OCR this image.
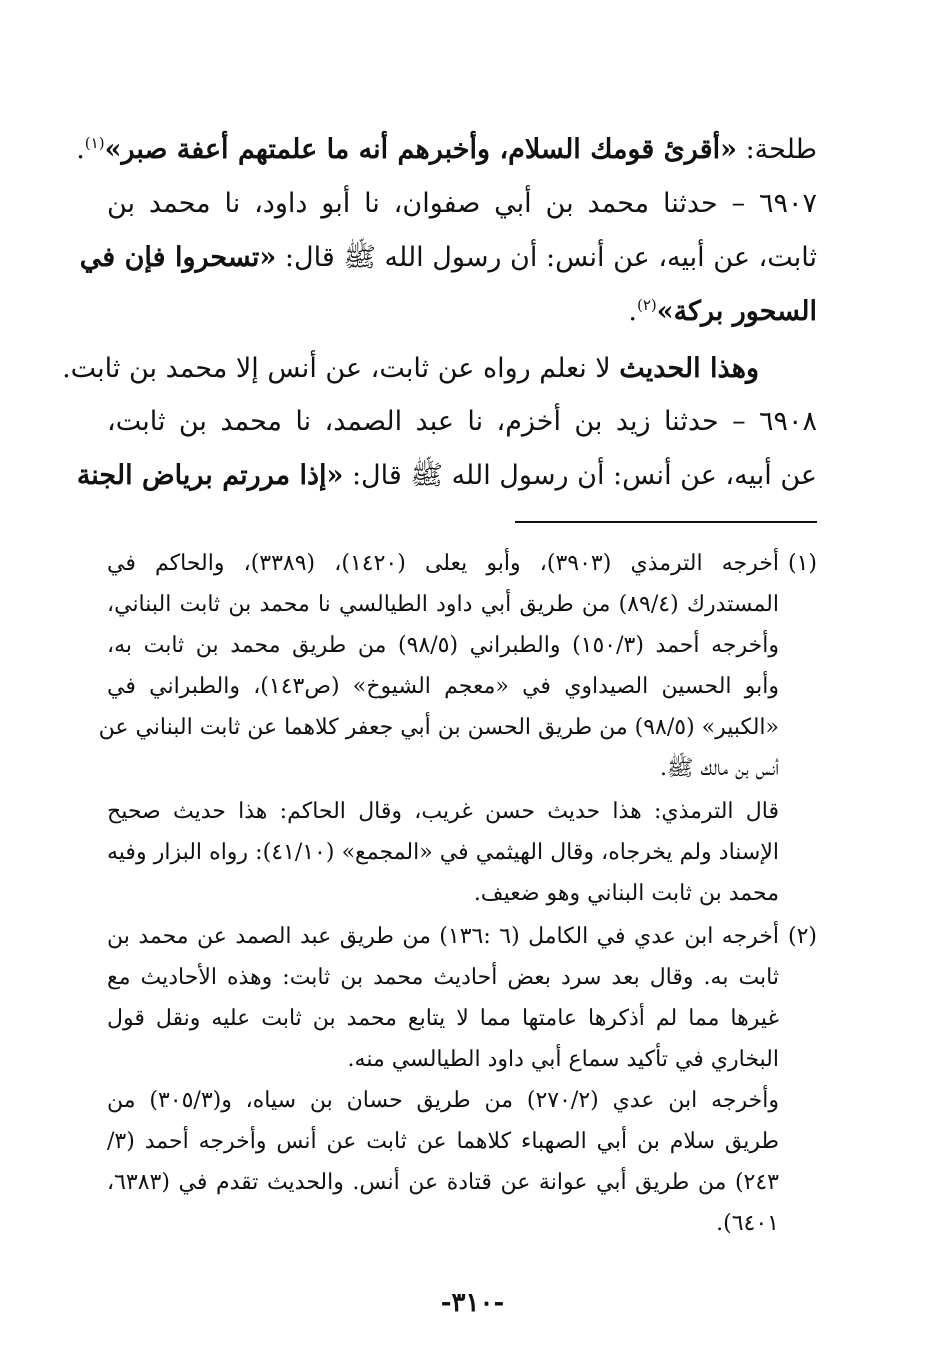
طلحة: «أقرئ قومك السلام، وأخبرهم أنه ما علمتهم أعفة صبر»$^{(١)}$.
٦٩٠٧ – حدثنا محمد بن أبي صفوان، نا أبو داود، نا محمد بن
ثابت، عن أبيه، عن أنس: أن رسول الله ﷺ قال: «تسحروا فإن في
السحور بركة»$^{(٢)}$.
وهذا الحديث لا نعلم رواه عن ثابت، عن أنس إلا محمد بن ثابت.
٦٩٠٨ – حدثنا زيد بن أخزم، نا عبد الصمد، نا محمد بن ثابت،
عن أبيه، عن أنس: أن رسول الله ﷺ قال: «إذا مررتم برياض الجنة
(١)
أخرجه الترمذي (٣٩٠٣)، وأبو يعلى (١٤٢٠)، (٣٣٨٩)، والحاكم في
المستدرك (٨٩/٤) من طريق أبي داود الطيالسي نا محمد بن ثابت البناني،
وأخرجه أحمد (١٥٠/٣) والطبراني (٩٨/٥) من طريق محمد بن ثابت به،
وأبو الحسين الصيداوي في «معجم الشيوخ» (ص١٤٣)، والطبراني في
«الكبير» (٩٨/٥) من طريق الحسن بن أبي جعفر كلاهما عن ثابت البناني عن
أنس بن مالك ﷺ.
قال الترمذي: هذا حديث حسن غريب، وقال الحاكم: هذا حديث صحيح
الإسناد ولم يخرجاه، وقال الهيثمي في «المجمع» (٤١/١٠): رواه البزار وفيه
محمد بن ثابت البناني وهو ضعيف.
(٢)
أخرجه ابن عدي في الكامل (٦ :١٣٦) من طريق عبد الصمد عن محمد بن
ثابت به. وقال بعد سرد بعض أحاديث محمد بن ثابت: وهذه الأحاديث مع
غيرها مما لم أذكرها عامتها مما لا يتابع محمد بن ثابت عليه ونقل قول
البخاري في تأكيد سماع أبي داود الطيالسي منه.
وأخرجه ابن عدي (٢٧٠/٢) من طريق حسان بن سياه، و(٣٠٥/٣) من
طريق سلام بن أبي الصهباء كلاهما عن ثابت عن أنس وأخرجه أحمد (٣/
٢٤٣) من طريق أبي عوانة عن قتادة عن أنس. والحديث تقدم في (٦٣٨٣،
٦٤٠١).
-٣١٠-
